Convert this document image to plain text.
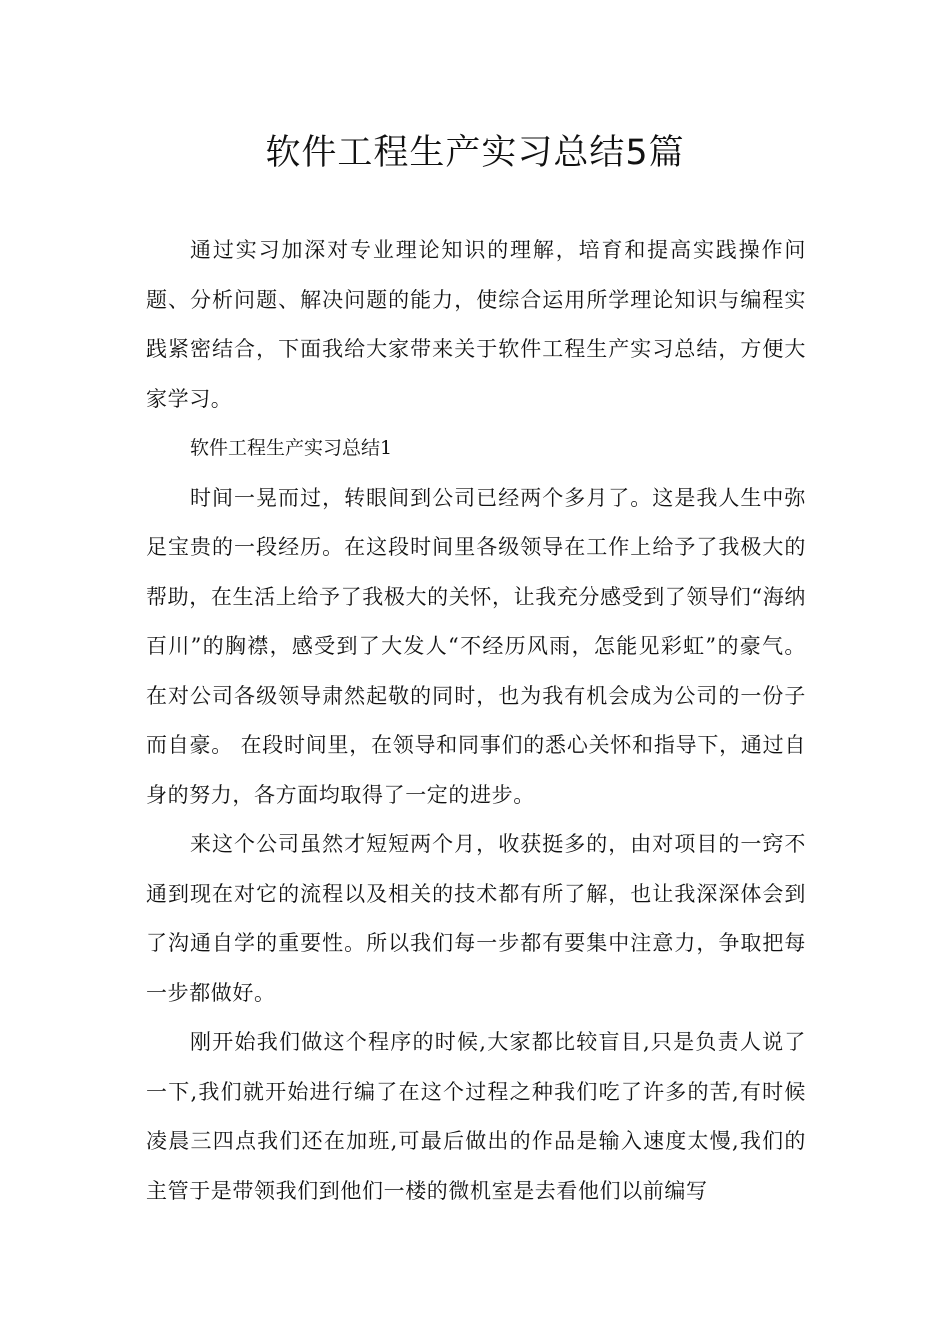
软件工程生产实习总结5篇

通过实习加深对专业理论知识的理解，培育和提高实践操作问题、分析问题、解决问题的能力，使综合运用所学理论知识与编程实践紧密结合，下面我给大家带来关于软件工程生产实习总结，方便大家学习。

软件工程生产实习总结1

时间一晃而过，转眼间到公司已经两个多月了。这是我人生中弥足宝贵的一段经历。在这段时间里各级领导在工作上给予了我极大的帮助，在生活上给予了我极大的关怀，让我充分感受到了领导们“海纳百川”的胸襟，感受到了大发人“不经历风雨，怎能见彩虹”的豪气。在对公司各级领导肃然起敬的同时，也为我有机会成为公司的一份子而自豪。 在段时间里，在领导和同事们的悉心关怀和指导下，通过自身的努力，各方面均取得了一定的进步。

来这个公司虽然才短短两个月，收获挺多的，由对项目的一窍不通到现在对它的流程以及相关的技术都有所了解，也让我深深体会到了沟通自学的重要性。所以我们每一步都有要集中注意力，争取把每一步都做好。

刚开始我们做这个程序的时候,大家都比较盲目,只是负责人说了一下,我们就开始进行编了在这个过程之种我们吃了许多的苦,有时候凌晨三四点我们还在加班,可最后做出的作品是输入速度太慢,我们的主管于是带领我们到他们一楼的微机室是去看他们以前编写
